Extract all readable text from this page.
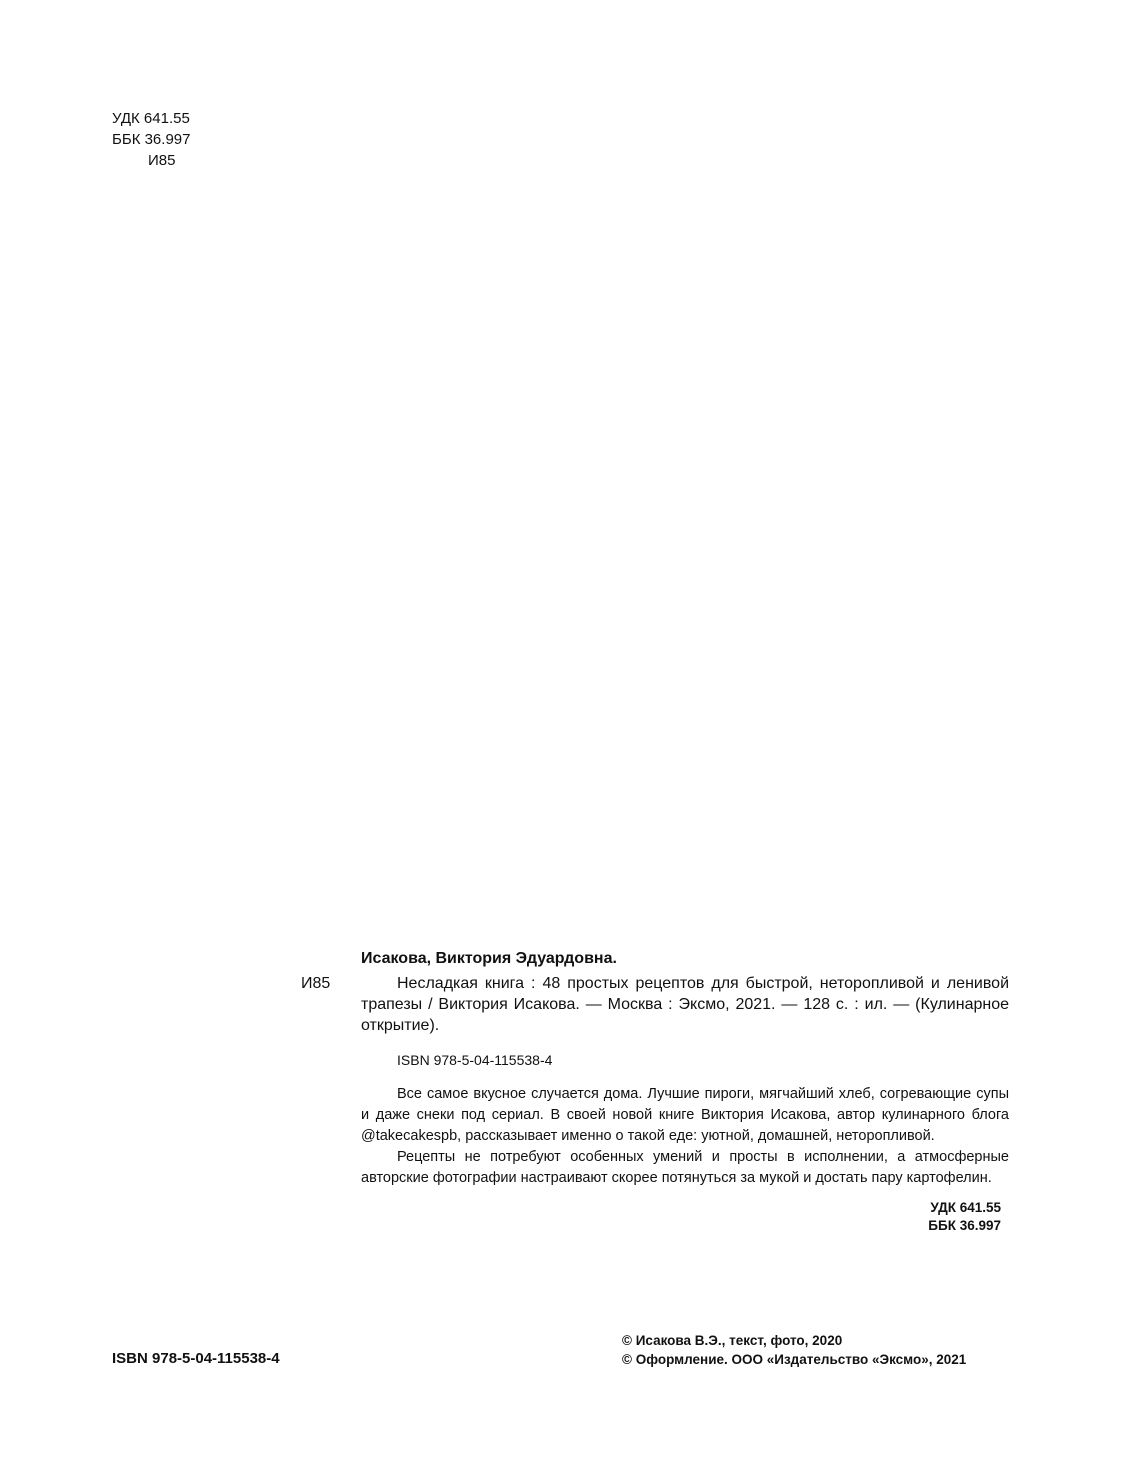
УДК 641.55
ББК 36.997
И85

Исакова, Виктория Эдуардовна.

И85	Несладкая книга : 48 простых рецептов для быстрой, неторопливой и ленивой трапезы / Виктория Исакова. — Москва : Эксмо, 2021. — 128 с. : ил. — (Кулинарное открытие).

ISBN 978-5-04-115538-4

Все самое вкусное случается дома. Лучшие пироги, мягчайший хлеб, согревающие супы и даже снеки под сериал. В своей новой книге Виктория Исакова, автор кулинарного блога @takecakespb, рассказывает именно о такой еде: уютной, домашней, неторопливой.

Рецепты не потребуют особенных умений и просты в исполнении, а атмосферные авторские фотографии настраивают скорее потянуться за мукой и достать пару картофелин.

УДК 641.55
ББК 36.997
ISBN 978-5-04-115538-4
© Исакова В.Э., текст, фото, 2020
© Оформление. ООО «Издательство «Эксмо», 2021
